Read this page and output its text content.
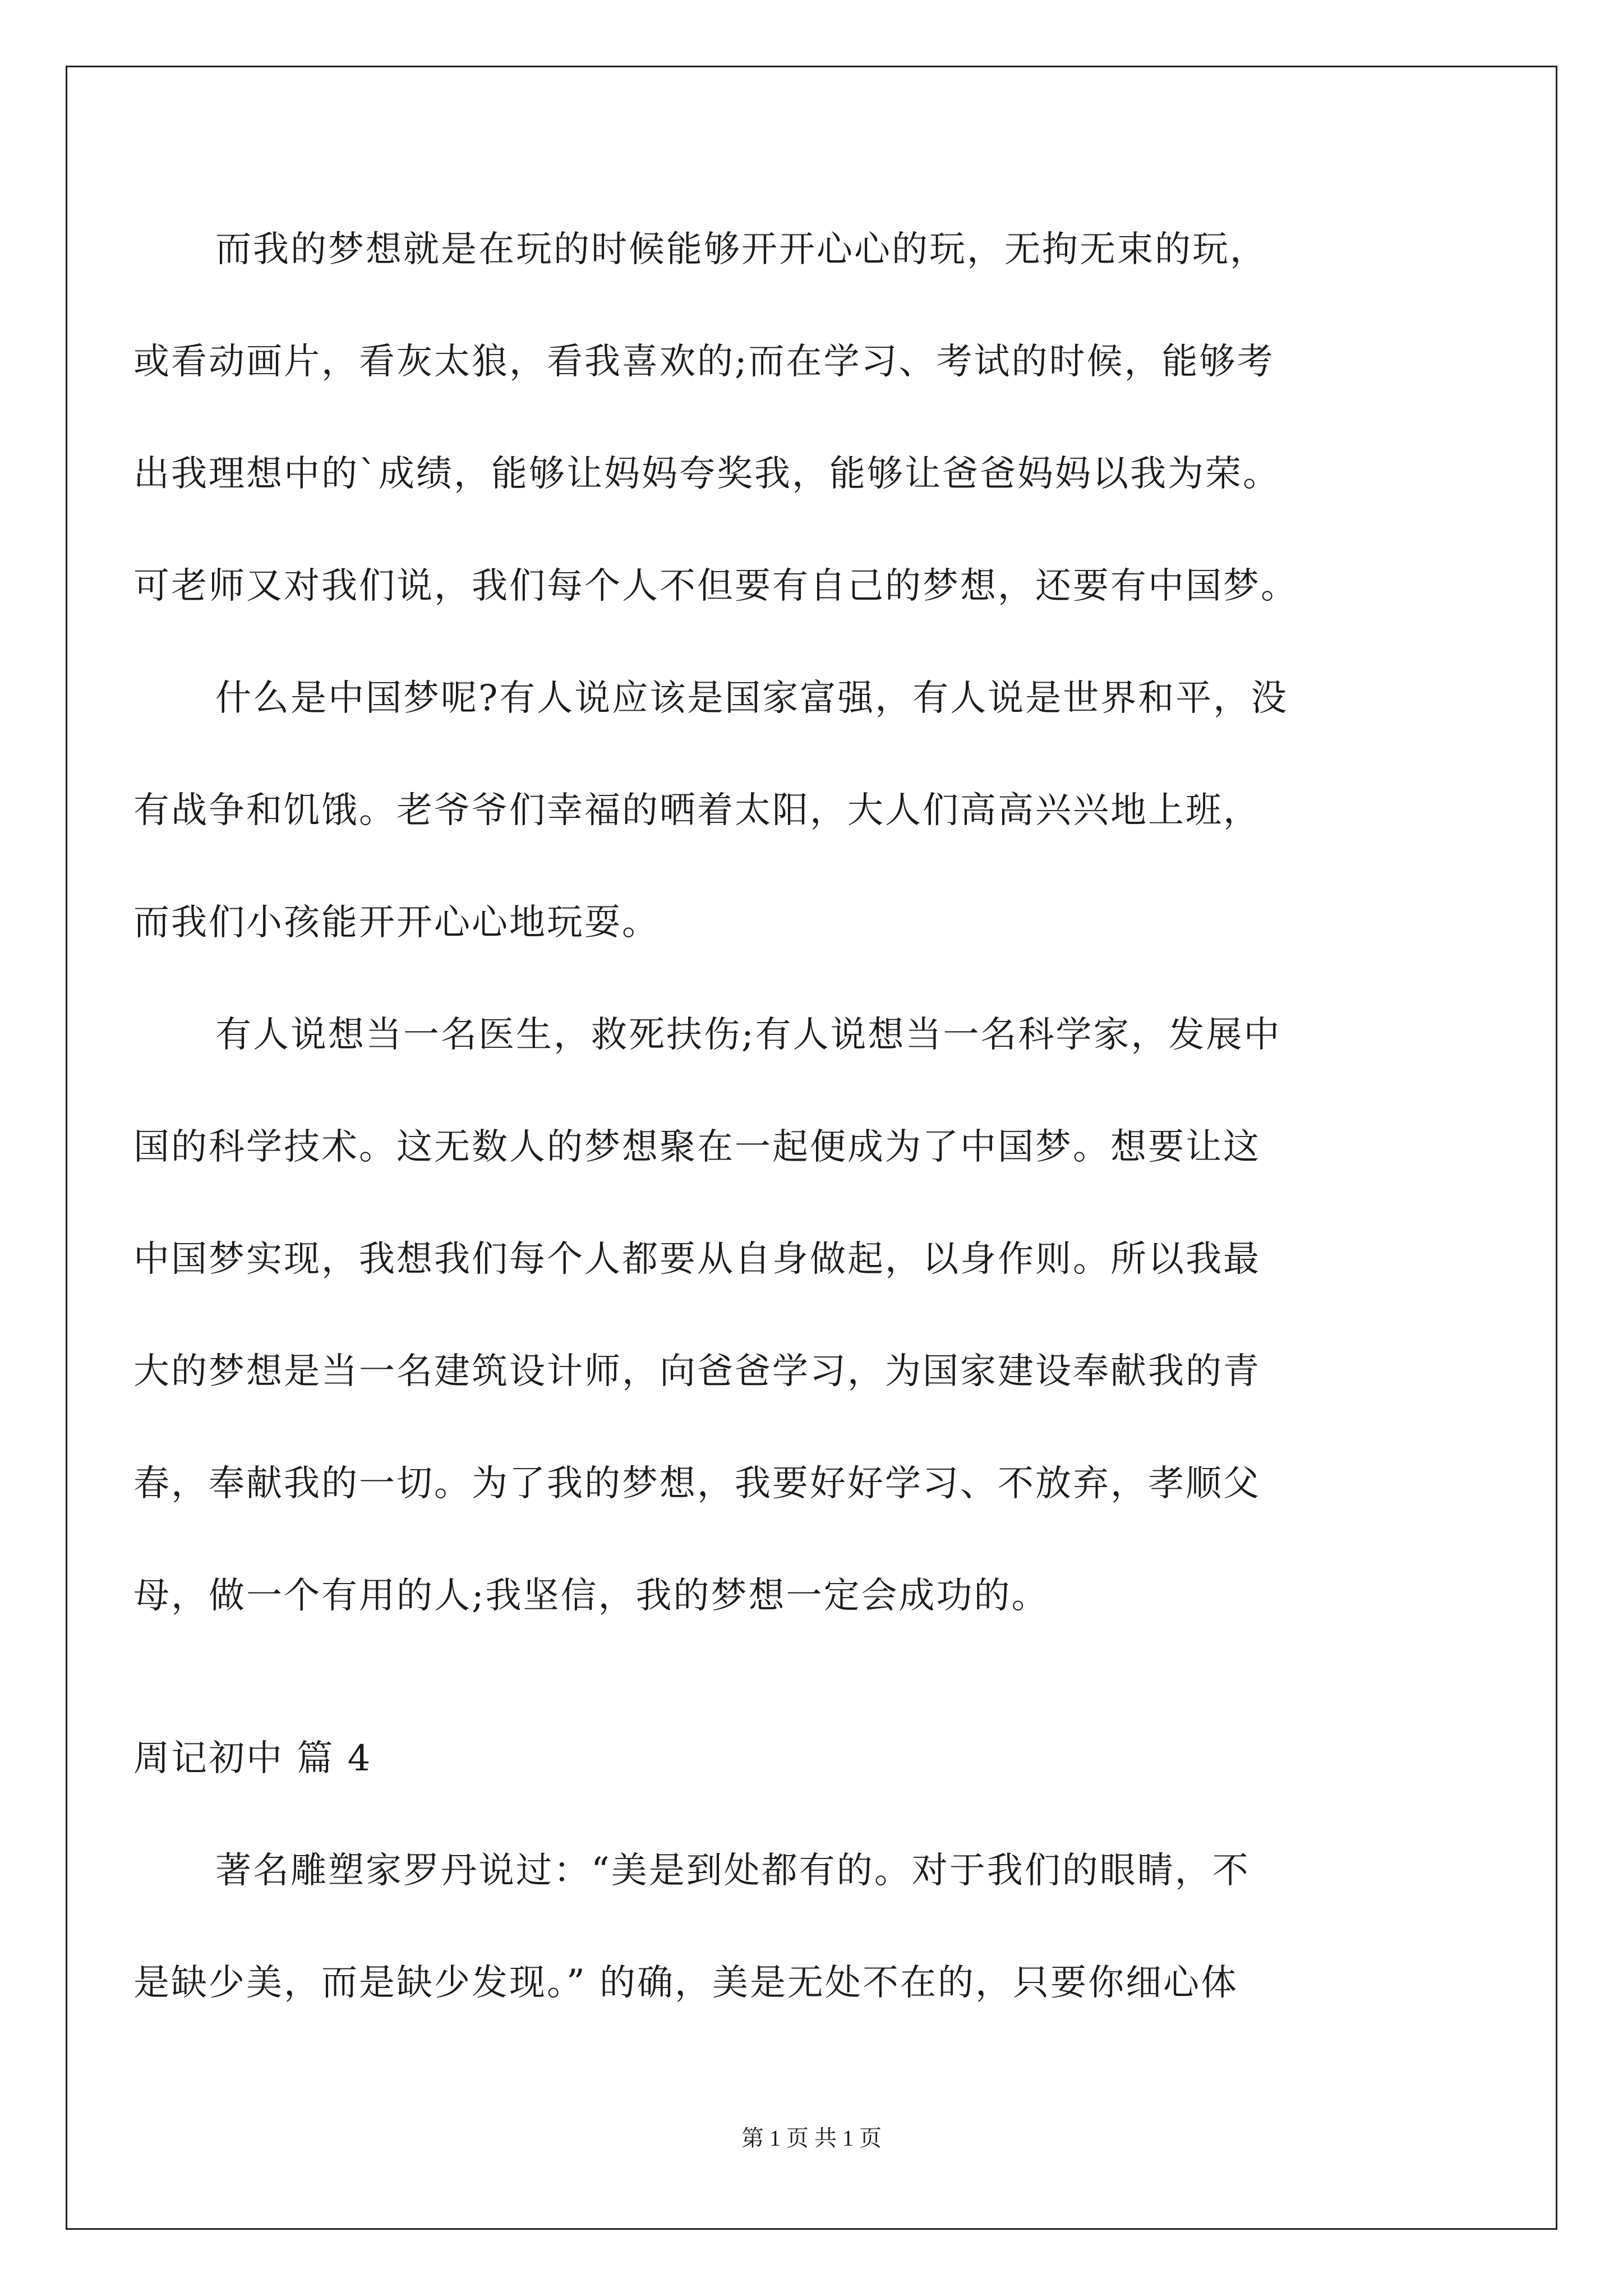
而我的梦想就是在玩的时候能够开开心心的玩，无拘无束的玩，
或看动画片，看灰太狼，看我喜欢的;而在学习、考试的时候，能够考
出我理想中的`成绩，能够让妈妈夸奖我，能够让爸爸妈妈以我为荣。
可老师又对我们说，我们每个人不但要有自己的梦想，还要有中国梦。
什么是中国梦呢?有人说应该是国家富强，有人说是世界和平，没
有战争和饥饿。老爷爷们幸福的晒着太阳，大人们高高兴兴地上班，
而我们小孩能开开心心地玩耍。
有人说想当一名医生，救死扶伤;有人说想当一名科学家，发展中
国的科学技术。这无数人的梦想聚在一起便成为了中国梦。想要让这
中国梦实现，我想我们每个人都要从自身做起，以身作则。所以我最
大的梦想是当一名建筑设计师，向爸爸学习，为国家建设奉献我的青
春，奉献我的一切。为了我的梦想，我要好好学习、不放弃，孝顺父
母，做一个有用的人;我坚信，我的梦想一定会成功的。
周记初中 篇 4
著名雕塑家罗丹说过：“美是到处都有的。对于我们的眼睛，不
是缺少美，而是缺少发现。” 的确，美是无处不在的，只要你细心体
第 1 页 共 1 页
